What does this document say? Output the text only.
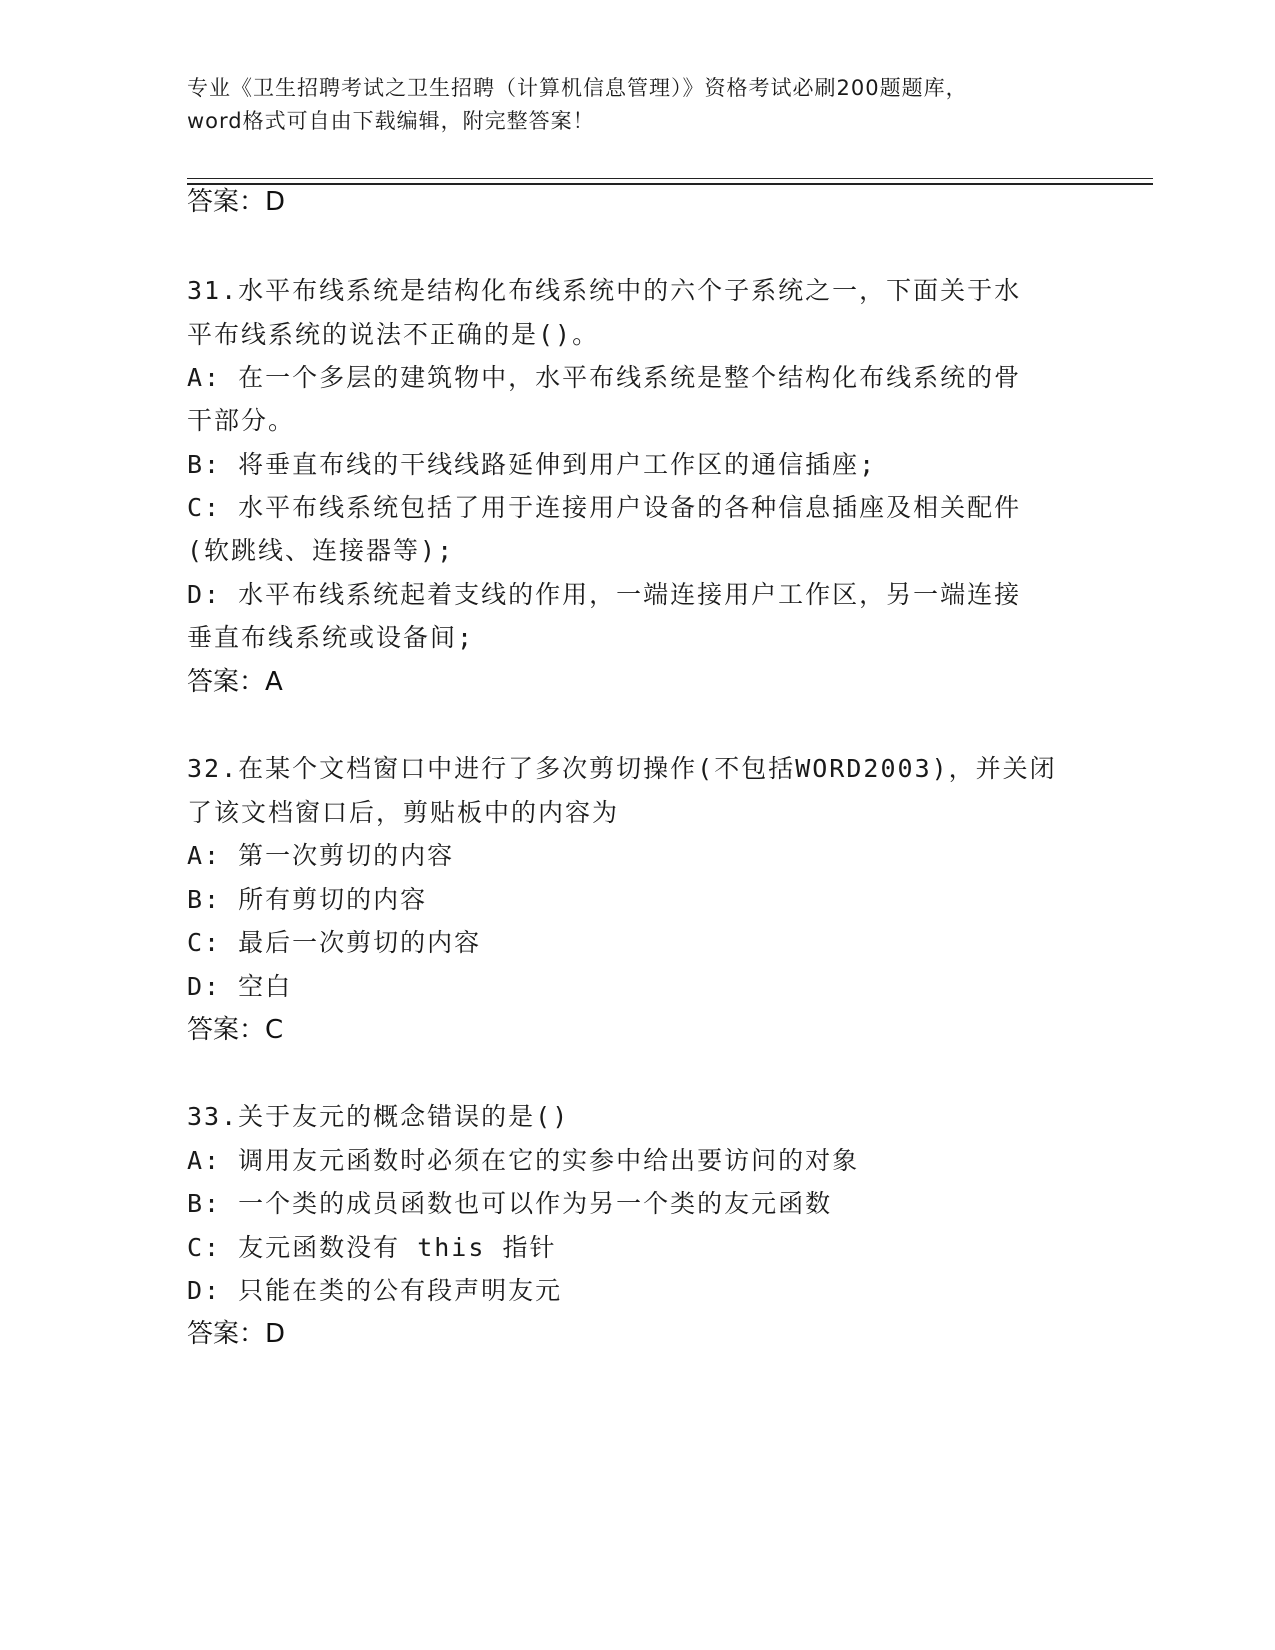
专业《卫生招聘考试之卫生招聘（计算机信息管理）》资格考试必刷200题题库，
word格式可自由下载编辑，附完整答案！
答案：D
31.水平布线系统是结构化布线系统中的六个子系统之一，下面关于水
平布线系统的说法不正确的是()。
A: 在一个多层的建筑物中，水平布线系统是整个结构化布线系统的骨
干部分。
B: 将垂直布线的干线线路延伸到用户工作区的通信插座;
C: 水平布线系统包括了用于连接用户设备的各种信息插座及相关配件
(软跳线、连接器等);
D: 水平布线系统起着支线的作用，一端连接用户工作区，另一端连接
垂直布线系统或设备间;
答案：A
32.在某个文档窗口中进行了多次剪切操作(不包括WORD2003)，并关闭
了该文档窗口后，剪贴板中的内容为
A: 第一次剪切的内容
B: 所有剪切的内容
C: 最后一次剪切的内容
D: 空白
答案：C
33.关于友元的概念错误的是()
A: 调用友元函数时必须在它的实参中给出要访问的对象
B: 一个类的成员函数也可以作为另一个类的友元函数
C: 友元函数没有 this 指针
D: 只能在类的公有段声明友元
答案：D
